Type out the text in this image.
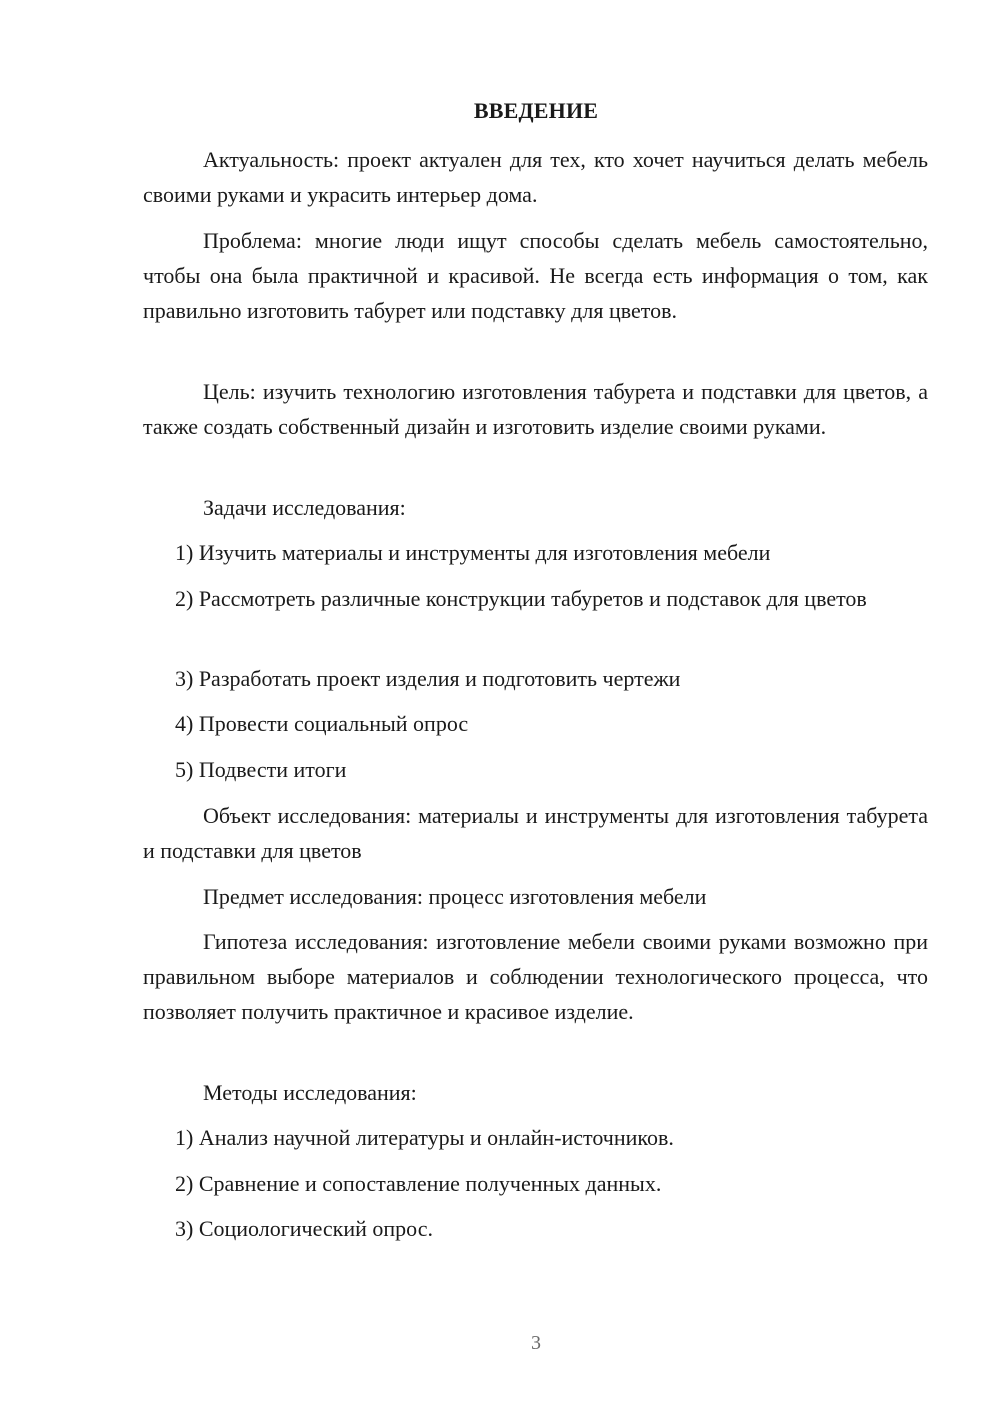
ВВЕДЕНИЕ

Актуальность: проект актуален для тех, кто хочет научиться делать мебель своими руками и украсить интерьер дома.

Проблема: многие люди ищут способы сделать мебель самостоятельно, чтобы она была практичной и красивой. Не всегда есть информация о том, как правильно изготовить табурет или подставку для цветов.

Цель: изучить технологию изготовления табурета и подставки для цветов, а также создать собственный дизайн и изготовить изделие своими руками.

Задачи исследования:

1) Изучить материалы и инструменты для изготовления мебели

2) Рассмотреть различные конструкции табуретов и подставок для цветов

3) Разработать проект изделия и подготовить чертежи

4) Провести социальный опрос

5) Подвести итоги

Объект исследования: материалы и инструменты для изготовления табурета и подставки для цветов

Предмет исследования: процесс изготовления мебели

Гипотеза исследования: изготовление мебели своими руками возможно при правильном выборе материалов и соблюдении технологического процесса, что позволяет получить практичное и красивое изделие.

Методы исследования:

1) Анализ научной литературы и онлайн-источников.

2) Сравнение и сопоставление полученных данных.

3) Социологический опрос.

3
